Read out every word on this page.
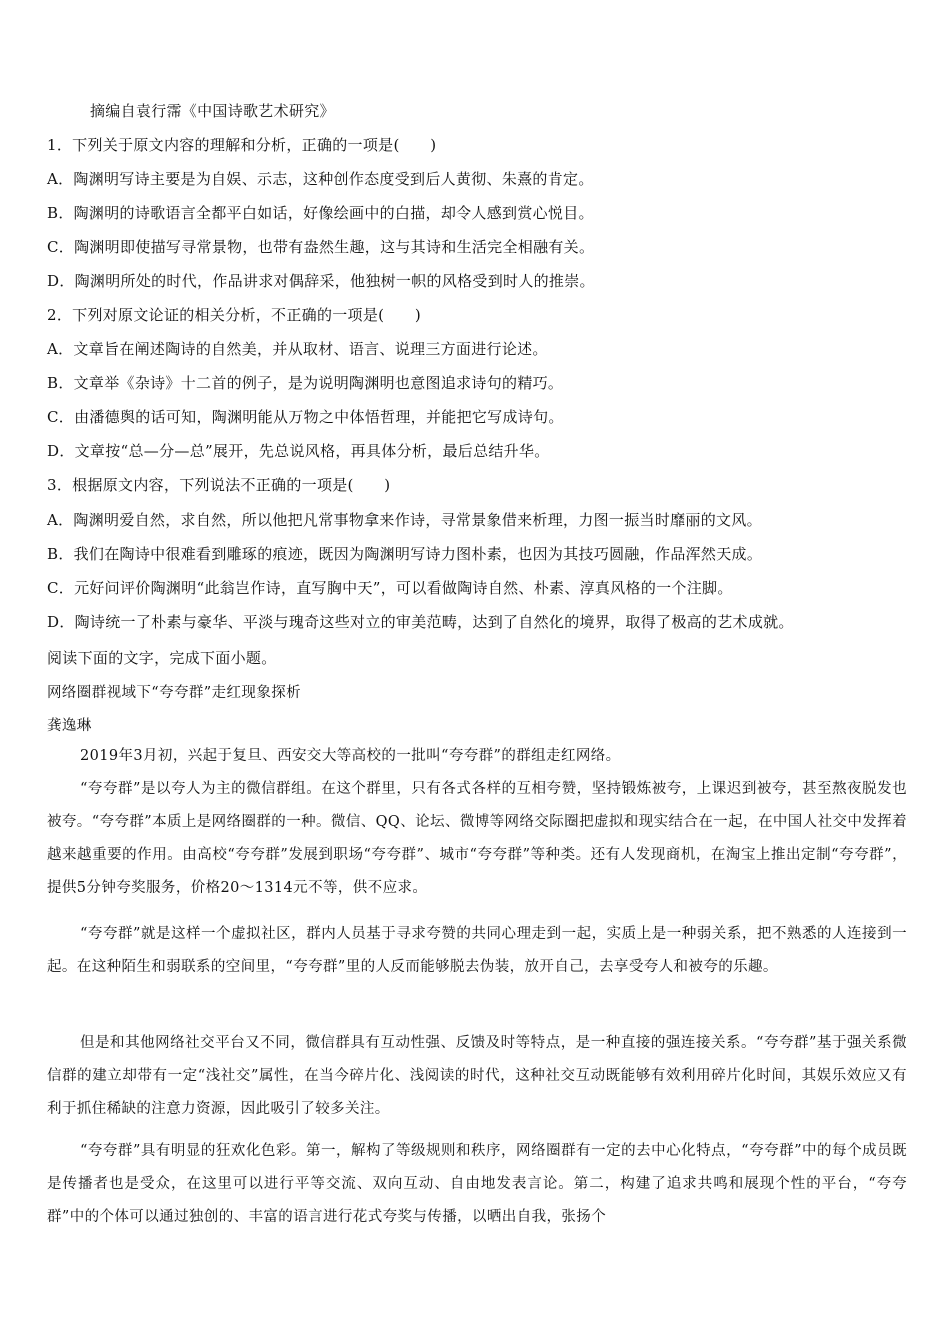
摘编自袁行霈《中国诗歌艺术研究》
1．下列关于原文内容的理解和分析，正确的一项是(　　)
A．陶渊明写诗主要是为自娱、示志，这种创作态度受到后人黄彻、朱熹的肯定。
B．陶渊明的诗歌语言全都平白如话，好像绘画中的白描，却令人感到赏心悦目。
C．陶渊明即使描写寻常景物，也带有盎然生趣，这与其诗和生活完全相融有关。
D．陶渊明所处的时代，作品讲求对偶辞采，他独树一帜的风格受到时人的推崇。
2．下列对原文论证的相关分析，不正确的一项是(　　)
A．文章旨在阐述陶诗的自然美，并从取材、语言、说理三方面进行论述。
B．文章举《杂诗》十二首的例子，是为说明陶渊明也意图追求诗句的精巧。
C．由潘德舆的话可知，陶渊明能从万物之中体悟哲理，并能把它写成诗句。
D．文章按“总—分—总”展开，先总说风格，再具体分析，最后总结升华。
3．根据原文内容，下列说法不正确的一项是(　　)
A．陶渊明爱自然，求自然，所以他把凡常事物拿来作诗，寻常景象借来析理，力图一振当时靡丽的文风。
B．我们在陶诗中很难看到雕琢的痕迹，既因为陶渊明写诗力图朴素，也因为其技巧圆融，作品浑然天成。
C．元好问评价陶渊明“此翁岂作诗，直写胸中天”，可以看做陶诗自然、朴素、淳真风格的一个注脚。
D．陶诗统一了朴素与豪华、平淡与瑰奇这些对立的审美范畴，达到了自然化的境界，取得了极高的艺术成就。
阅读下面的文字，完成下面小题。
网络圈群视域下“夸夸群”走红现象探析
龚逸琳
2019年3月初，兴起于复旦、西安交大等高校的一批叫“夸夸群”的群组走红网络。
“夸夸群”是以夸人为主的微信群组。在这个群里，只有各式各样的互相夸赞，坚持锻炼被夸，上课迟到被夸，甚至熬夜脱发也被夸。“夸夸群”本质上是网络圈群的一种。微信、QQ、论坛、微博等网络交际圈把虚拟和现实结合在一起，在中国人社交中发挥着越来越重要的作用。由高校“夸夸群”发展到职场“夸夸群”、城市“夸夸群”等种类。还有人发现商机，在淘宝上推出定制“夸夸群”，提供5分钟夸奖服务，价格20～1314元不等，供不应求。
“夸夸群”就是这样一个虚拟社区，群内人员基于寻求夸赞的共同心理走到一起，实质上是一种弱关系，把不熟悉的人连接到一起。在这种陌生和弱联系的空间里，“夸夸群”里的人反而能够脱去伪装，放开自己，去享受夸人和被夸的乐趣。
但是和其他网络社交平台又不同，微信群具有互动性强、反馈及时等特点，是一种直接的强连接关系。“夸夸群”基于强关系微信群的建立却带有一定“浅社交”属性，在当今碎片化、浅阅读的时代，这种社交互动既能够有效利用碎片化时间，其娱乐效应又有利于抓住稀缺的注意力资源，因此吸引了较多关注。
“夸夸群”具有明显的狂欢化色彩。第一，解构了等级规则和秩序，网络圈群有一定的去中心化特点，“夸夸群”中的每个成员既是传播者也是受众，在这里可以进行平等交流、双向互动、自由地发表言论。第二，构建了追求共鸣和展现个性的平台，“夸夸群”中的个体可以通过独创的、丰富的语言进行花式夸奖与传播，以晒出自我，张扬个
